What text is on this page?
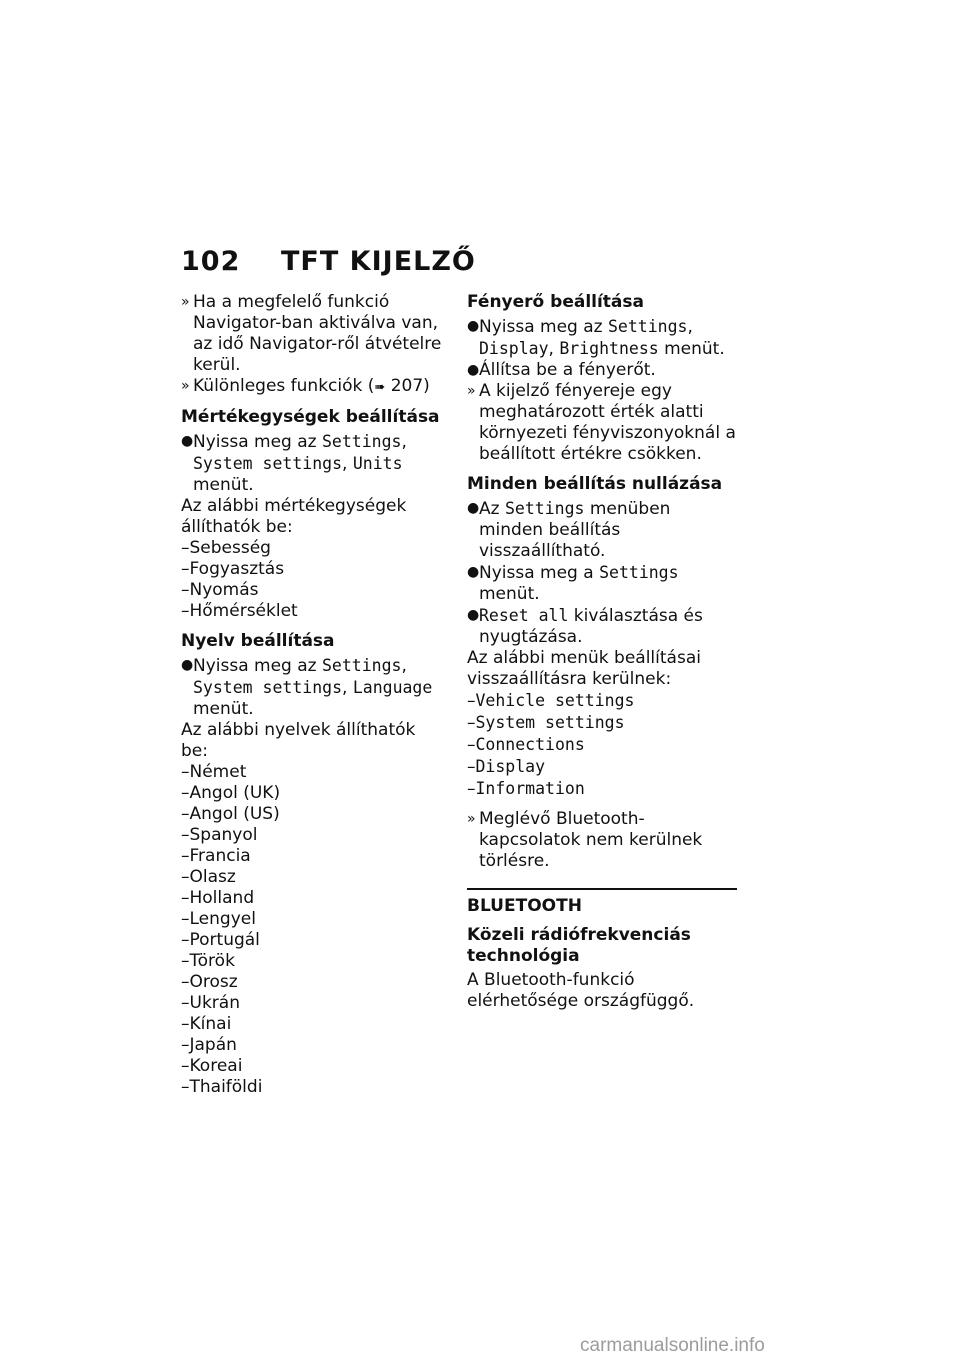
102	TFT KIJELZŐ
» Ha a megfelelő funkció Navigator-ban aktiválva van, az idő Navigator-ről átvételre kerül.
» Különleges funkciók (➠ 207)
Mértékegységek beállítása
● Nyissa meg az Settings, System settings, Units menüt.

Az alábbi mértékegységek állíthatók be:

–Sebesség
–Fogyasztás
–Nyomás
–Hőmérséklet
Nyelv beállítása
● Nyissa meg az Settings, System settings, Language menüt.

Az alábbi nyelvek állíthatók be:

–Német
–Angol (UK)
–Angol (US)
–Spanyol
–Francia
–Olasz
–Holland
–Lengyel
–Portugál
–Török
–Orosz
–Ukrán
–Kínai
–Japán
–Koreai
–Thaiföldi
Fényerő beállítása
● Nyissa meg az Settings, Display, Brightness menüt.
● Állítsa be a fényerőt.
» A kijelző fényereje egy meghatározott érték alatti környezeti fényviszonyoknál a beállított értékre csökken.
Minden beállítás nullázása
● Az Settings menüben minden beállítás visszaállítható.
● Nyissa meg a Settings menüt.
● Reset all kiválasztása és nyugtázása.

Az alábbi menük beállításai visszaállításra kerülnek:

–Vehicle settings
–System settings
–Connections
–Display
–Information
» Meglévő Bluetooth-kapcsolatok nem kerülnek törlésre.
BLUETOOTH
Közeli rádiófrekvenciás technológia

A Bluetooth-funkció elérhetősége országfüggő.

carmanualsonline.info
